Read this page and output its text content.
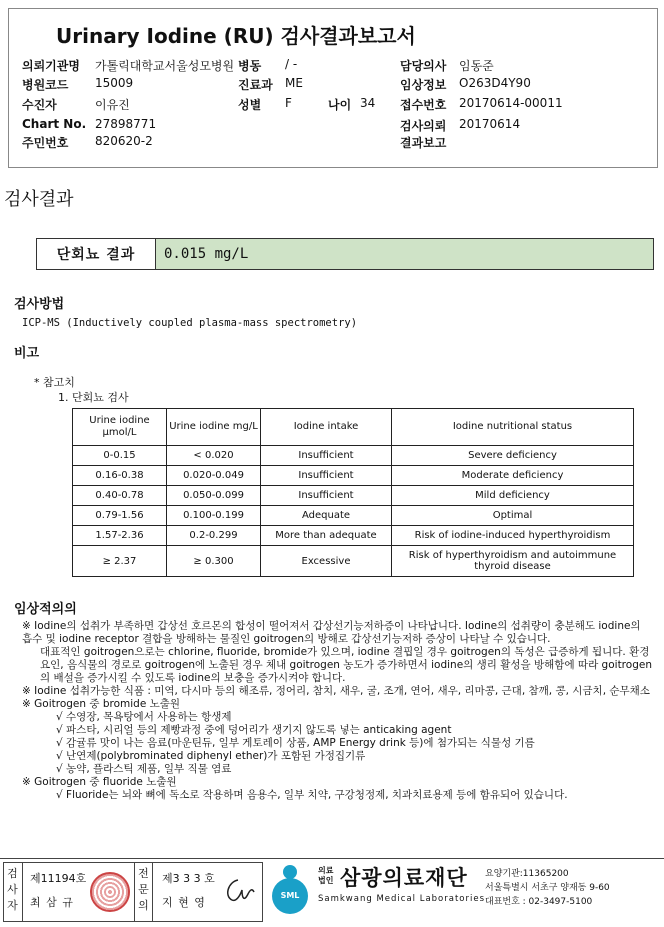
Urinary Iodine (RU) 검사결과보고서
의뢰기관명 가톨릭대학교서울성모병원 병동 / -	담당의사 임동준
병원코드 15009	진료과 ME	임상정보 O263D4Y90
수진자	이유진	성별 F	나이 34 접수번호 20170614-00011
Chart No. 27898771	검사의뢰 20170614
주민번호 820620-2	결과보고
검사결과
단회뇨 결과	0.015 mg/L
검사방법
ICP-MS (Inductively coupled plasma-mass spectrometry)
비고
* 참고치
1. 단회뇨 검사
Urine iodine μmol/L	Urine iodine mg/L	Iodine intake	Iodine nutritional status
0-0.15	< 0.020	Insufficient	Severe deficiency
0.16-0.38	0.020-0.049	Insufficient	Moderate deficiency
0.40-0.78	0.050-0.099	Insufficient	Mild deficiency
0.79-1.56	0.100-0.199	Adequate	Optimal
1.57-2.36	0.2-0.299	More than adequate	Risk of iodine-induced hyperthyroidism
≥ 2.37	≥ 0.300	Excessive	Risk of hyperthyroidism and autoimmune thyroid disease
임상적의의

※ Iodine의 섭취가 부족하면 갑상선 호르몬의 합성이 떨어져서 갑상선기능저하증이 나타납니다. Iodine의 섭취량이 충분해도 iodine의 흡수 및 iodine receptor 결합을 방해하는 물질인 goitrogen의 방해로 갑상선기능저하 증상이 나타날 수 있습니다.

대표적인 goitrogen으로는 chlorine, fluoride, bromide가 있으며, iodine 결핍일 경우 goitrogen의 독성은 급증하게 됩니다. 환경요인, 음식물의 경로로 goitrogen에 노출된 경우 체내 goitrogen 농도가 증가하면서 iodine의 생리 활성을 방해함에 따라 goitrogen의 배설을 증가시킬 수 있도록 iodine의 보충을 증가시켜야 합니다.

※ Iodine 섭취가능한 식품 : 미역, 다시마 등의 해조류, 정어리, 참치, 새우, 굴, 조개, 연어, 새우, 리마콩, 근대, 참깨, 콩, 시금치, 순무채소

※ Goitrogen 중 bromide 노출원

√ 수영장, 목욕탕에서 사용하는 항생제

√ 파스타, 시리얼 등의 제빵과정 중에 덩어리가 생기지 않도록 넣는 anticaking agent

√ 감귤류 맛이 나는 음료(마운틴듀, 일부 게토레이 상품, AMP Energy drink 등)에 첨가되는 식물성 기름

√ 난연제(polybrominated diphenyl ether)가 포함된 가정집기류

√ 농약, 플라스틱 제품, 일부 직물 염료

※ Goitrogen 중 fluoride 노출원

√ Fluoride는 뇌와 뼈에 독소로 작용하며 음용수, 일부 치약, 구강청정제, 치과치료용제 등에 함유되어 있습니다.

검
사
자
제11194호
최 삼 규
전
문
의
제3 3 3 호
지 현 영
SML
의료
법인 삼광의료재단
Samkwang Medical Laboratories
요양기관:11365200
서울특별시 서초구 양재동 9-60
대표번호 : 02-3497-5100
